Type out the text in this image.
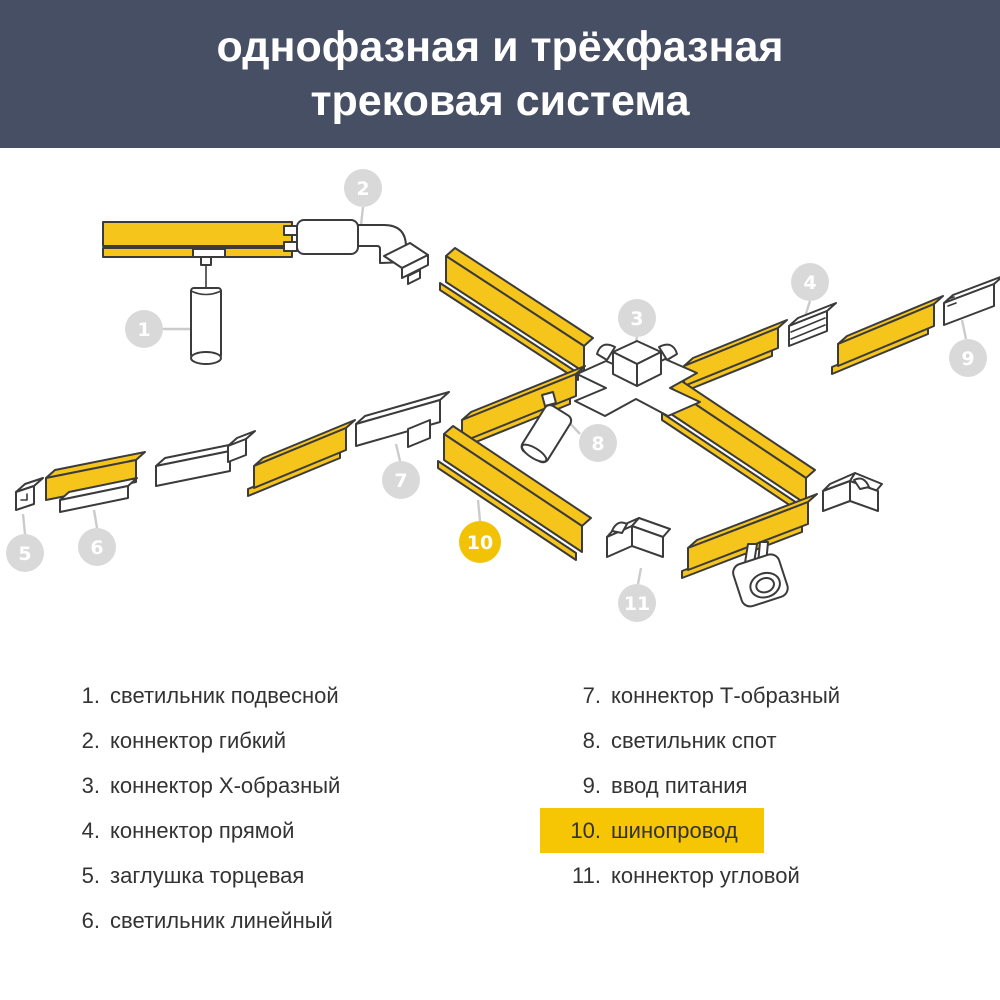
однофазная и трёхфазная
трековая система
1
2
3
4
5	6
7
8
9
10
11
1. светильник подвесной
2. коннектор гибкий
3. коннектор Х-образный
4. коннектор прямой
5. заглушка торцевая
6. светильник линейный
7. коннектор Т-образный
8. светильник спот
9. ввод питания
10. шинопровод
11. коннектор угловой
